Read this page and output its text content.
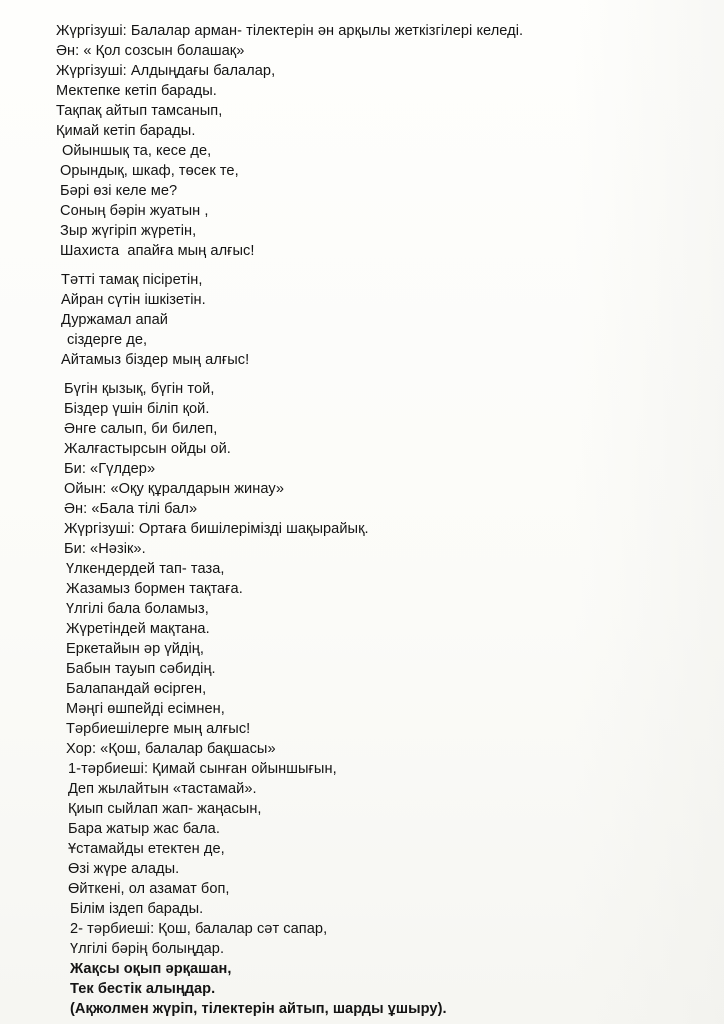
Жүргізуші: Балалар арман- тілектерін ән арқылы жеткізгілері келеді.
Ән: « Қол созсын болашақ»
Жүргізуші: Алдыңдағы балалар,
Мектепке кетіп барады.
Тақпақ айтып тамсанып,
Қимай кетіп барады.
Ойыншық та, кесе де,
Орындық, шкаф, төсек те,
Бәрі өзі келе ме?
Соның бәрін жуатын ,
Зыр жүгіріп жүретін,
Шахиста  апайға мың алғыс!
Тәтті тамақ пісіретін,
Айран сүтін ішкізетін.
Дуржамал апай
сіздерге де,
Айтамыз біздер мың алғыс!
Бүгін қызық, бүгін той,
Біздер үшін біліп қой.
Әнге салып, би билеп,
Жалғастырсын ойды ой.
Би: «Гүлдер»
Ойын: «Оқу құралдарын жинау»
Ән: «Бала тілі бал»
Жүргізуші: Ортаға бишілерімізді шақырайық.
Би: «Нәзік».
Үлкендердей тап- таза,
Жазамыз бормен тақтаға.
Үлгілі бала боламыз,
Жүретіндей мақтана.
Еркетайын әр үйдің,
Бабын тауып сәбидің.
Балапандай өсірген,
Мәңгі өшпейді есімнен,
Тәрбиешілерге мың алғыс!
Хор: «Қош, балалар бақшасы»
1-тәрбиеші: Қимай сынған ойыншығын,
Деп жылайтын «тастамай».
Қиып сыйлап жап- жаңасын,
Бара жатыр жас бала.
Ұстамайды етектен де,
Өзі жүре алады.
Өйткені, ол азамат боп,
Білім іздеп барады.
2- тәрбиеші: Қош, балалар сәт сапар,
Үлгілі бәрің болыңдар.
Жақсы оқып әрқашан,
Тек бестік алыңдар.
(Ақжолмен жүріп, тілектерін айтып, шарды ұшыру).
